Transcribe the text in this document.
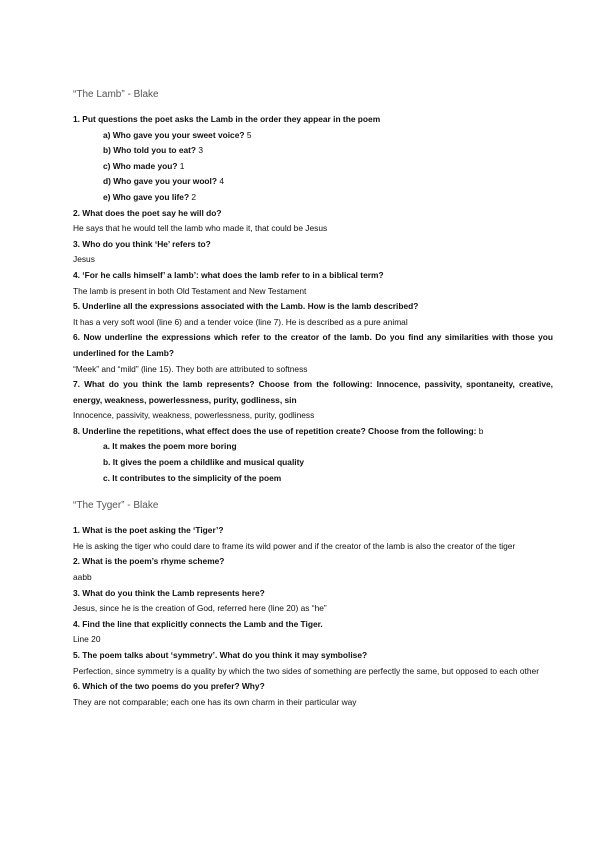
“The Lamb” - Blake
1. Put questions the poet asks the Lamb in the order they appear in the poem
a) Who gave you your sweet voice? 5
b) Who told you to eat? 3
c) Who made you? 1
d) Who gave you your wool? 4
e) Who gave you life? 2
2. What does the poet say he will do?
He says that he would tell the lamb who made it, that could be Jesus
3. Who do you think ‘He’ refers to?
Jesus
4. ‘For he calls himself’ a lamb’: what does the lamb refer to in a biblical term?
The lamb is present in both Old Testament and New Testament
5. Underline all the expressions associated with the Lamb. How is the lamb described?
It has a very soft wool (line 6) and a tender voice (line 7). He is described as a pure animal
6. Now underline the expressions which refer to the creator of the lamb. Do you find any similarities with those you underlined for the Lamb?
“Meek” and “mild” (line 15). They both are attributed to softness
7. What do you think the lamb represents? Choose from the following: Innocence, passivity, spontaneity, creative, energy, weakness, powerlessness, purity, godliness, sin
Innocence, passivity, weakness, powerlessness, purity, godliness
8. Underline the repetitions, what effect does the use of repetition create? Choose from the following: b
a. It makes the poem more boring
b. It gives the poem a childlike and musical quality
c. It contributes to the simplicity of the poem
“The Tyger” - Blake
1. What is the poet asking the ‘Tiger’?
He is asking the tiger who could dare to frame its wild power and if the creator of the lamb is also the creator of the tiger
2. What is the poem’s rhyme scheme?
aabb
3. What do you think the Lamb represents here?
Jesus, since he is the creation of God, referred here (line 20) as “he”
4. Find the line that explicitly connects the Lamb and the Tiger.
Line 20
5. The poem talks about ‘symmetry’. What do you think it may symbolise?
Perfection, since symmetry is a quality by which the two sides of something are perfectly the same, but opposed to each other
6. Which of the two poems do you prefer? Why?
They are not comparable; each one has its own charm in their particular way
